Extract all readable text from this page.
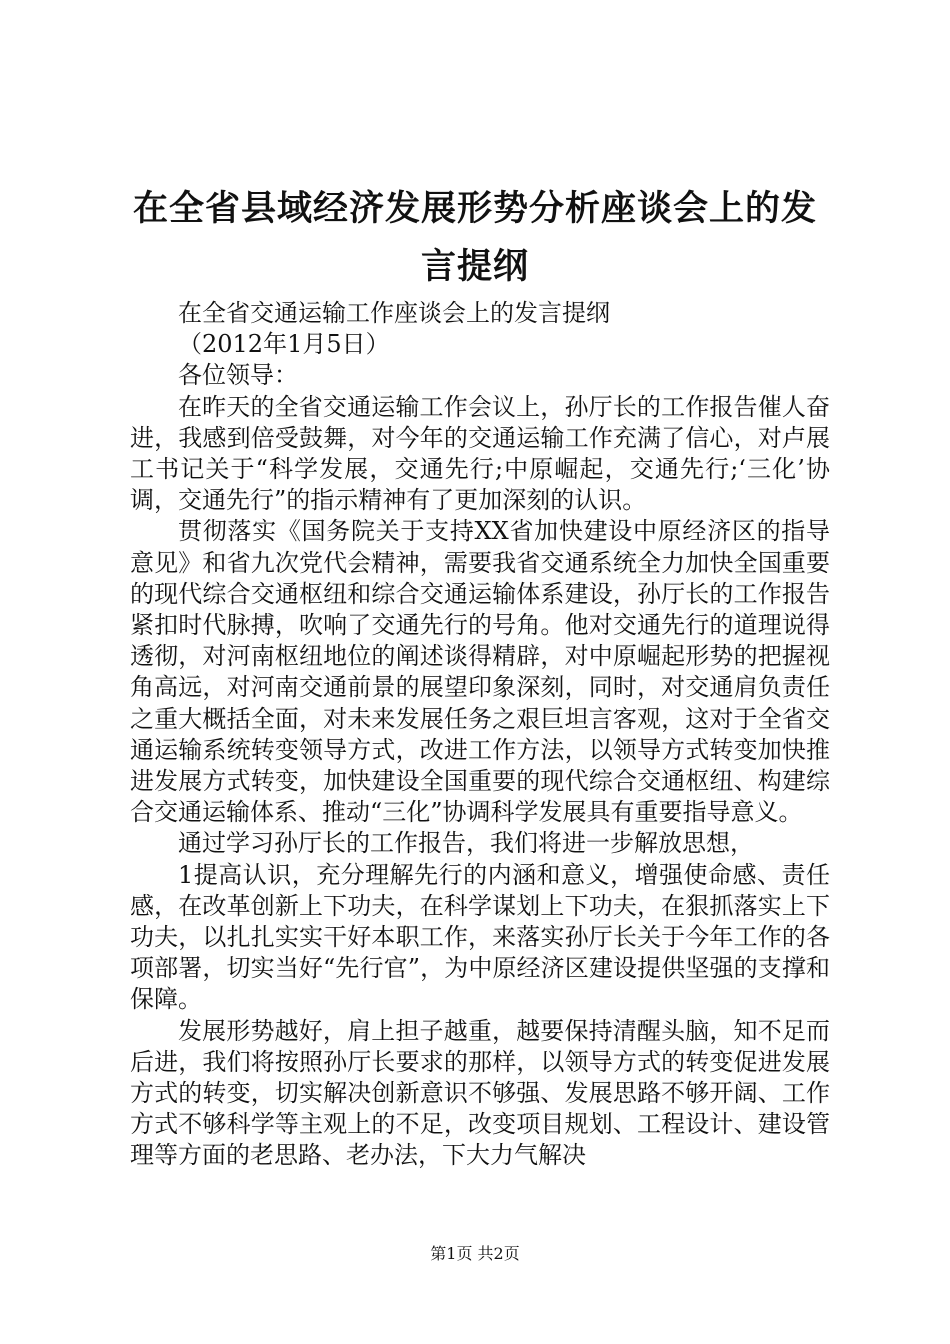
在全省县域经济发展形势分析座谈会上的发言提纲

在全省交通运输工作座谈会上的发言提纲

（2012年1月5日）

各位领导：

在昨天的全省交通运输工作会议上，孙厅长的工作报告催人奋进，我感到倍受鼓舞，对今年的交通运输工作充满了信心，对卢展工书记关于“科学发展，交通先行;中原崛起，交通先行;‘三化’协调，交通先行”的指示精神有了更加深刻的认识。

贯彻落实《国务院关于支持XX省加快建设中原经济区的指导意见》和省九次党代会精神，需要我省交通系统全力加快全国重要的现代综合交通枢纽和综合交通运输体系建设，孙厅长的工作报告紧扣时代脉搏，吹响了交通先行的号角。他对交通先行的道理说得透彻，对河南枢纽地位的阐述谈得精辟，对中原崛起形势的把握视角高远，对河南交通前景的展望印象深刻，同时，对交通肩负责任之重大概括全面，对未来发展任务之艰巨坦言客观，这对于全省交通运输系统转变领导方式，改进工作方法，以领导方式转变加快推进发展方式转变，加快建设全国重要的现代综合交通枢纽、构建综合交通运输体系、推动“三化”协调科学发展具有重要指导意义。

通过学习孙厅长的工作报告，我们将进一步解放思想，

1提高认识，充分理解先行的内涵和意义，增强使命感、责任感，在改革创新上下功夫，在科学谋划上下功夫，在狠抓落实上下功夫，以扎扎实实干好本职工作，来落实孙厅长关于今年工作的各项部署，切实当好“先行官”，为中原经济区建设提供坚强的支撑和保障。

发展形势越好，肩上担子越重，越要保持清醒头脑，知不足而后进，我们将按照孙厅长要求的那样，以领导方式的转变促进发展方式的转变，切实解决创新意识不够强、发展思路不够开阔、工作方式不够科学等主观上的不足，改变项目规划、工程设计、建设管理等方面的老思路、老办法，下大力气解决

第1页 共2页
